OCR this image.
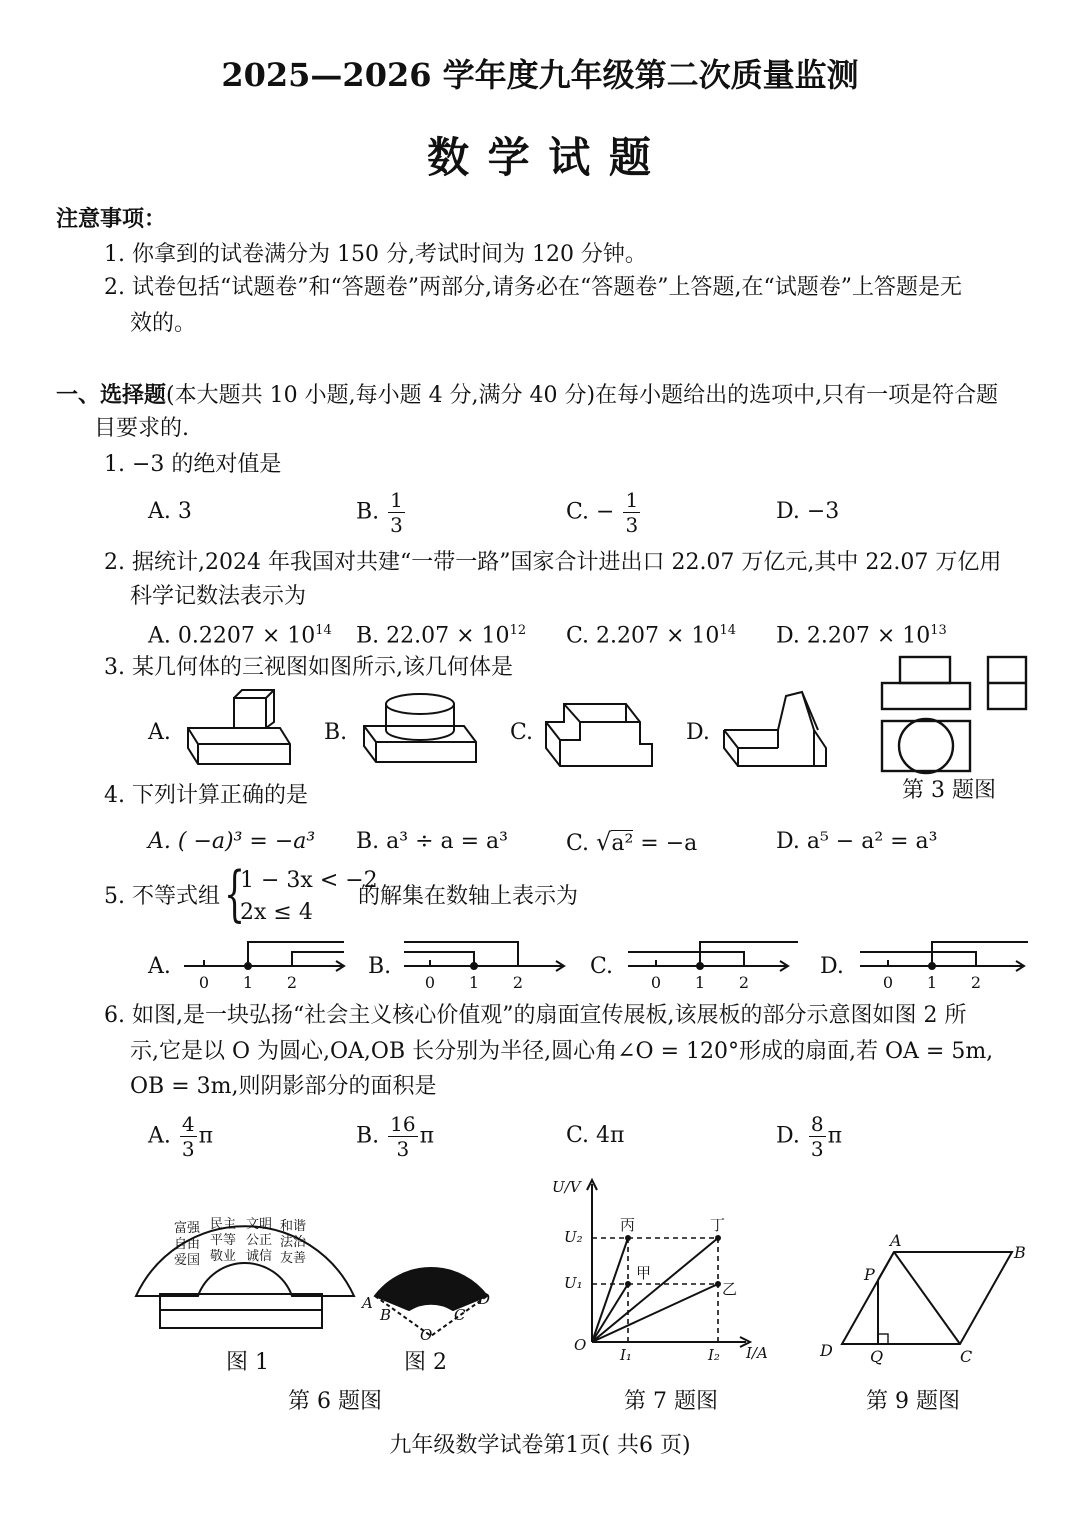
2025—2026 学年度九年级第二次质量监测
数 学 试 题
注意事项：
1. 你拿到的试卷满分为 150 分,考试时间为 120 分钟。
2. 试卷包括“试题卷”和“答题卷”两部分,请务必在“答题卷”上答题,在“试题卷”上答题是无
效的。
一、选择题(本大题共 10 小题,每小题 4 分,满分 40 分)在每小题给出的选项中,只有一项是符合题
目要求的.
1. −3 的绝对值是
A. 3	B. $\frac{1}{3}$	C. − $\frac{1}{3}$	D. −3
2. 据统计,2024 年我国对共建“一带一路”国家合计进出口 22.07 万亿元,其中 22.07 万亿用
科学记数法表示为
A. $0.2207 \times 10^{14}$ B. $22.07 \times 10^{12}$ C. $2.207 \times 10^{14}$ D. $2.207 \times 10^{13}$
3. 某几何体的三视图如图所示,该几何体是
A.	B.	C.	D.
第 3 题图
4. 下列计算正确的是
A. ( −a)³ = −a³ B. a³ ÷ a = a³	C. √a² = −a	D. a⁵ − a² = a³
5. 不等式组 {
1 − 3x < −2
2x ≤ 4
的解集在数轴上表示为
A.	B.	C.	D.
0 1 2	0 1 2	0 1 2	0 1 2
6. 如图,是一块弘扬“社会主义核心价值观”的扇面宣传展板,该展板的部分示意图如图 2 所
示,它是以 O 为圆心,OA,OB 长分别为半径,圆心角∠O = 120°形成的扇面,若 OA = 5m,
OB = 3m,则阴影部分的面积是
A. $\frac{4}{3}$ π	B. $\frac{16}{3}$ π	C. 4π	D. $\frac{8}{3}$ π
富强 民主 文明 和谐
自由 平等 公正 法治
爱国 敬业 诚信 友善
图 1
A
B	C
D
O
图 2
第 6 题图
U/V
I/A
U₂
U₁
I₁	I₂
O
丙	丁
甲
乙
第 7 题图
A
B
P
D Q	C
第 9 题图
九年级数学试卷第1页( 共6 页)
